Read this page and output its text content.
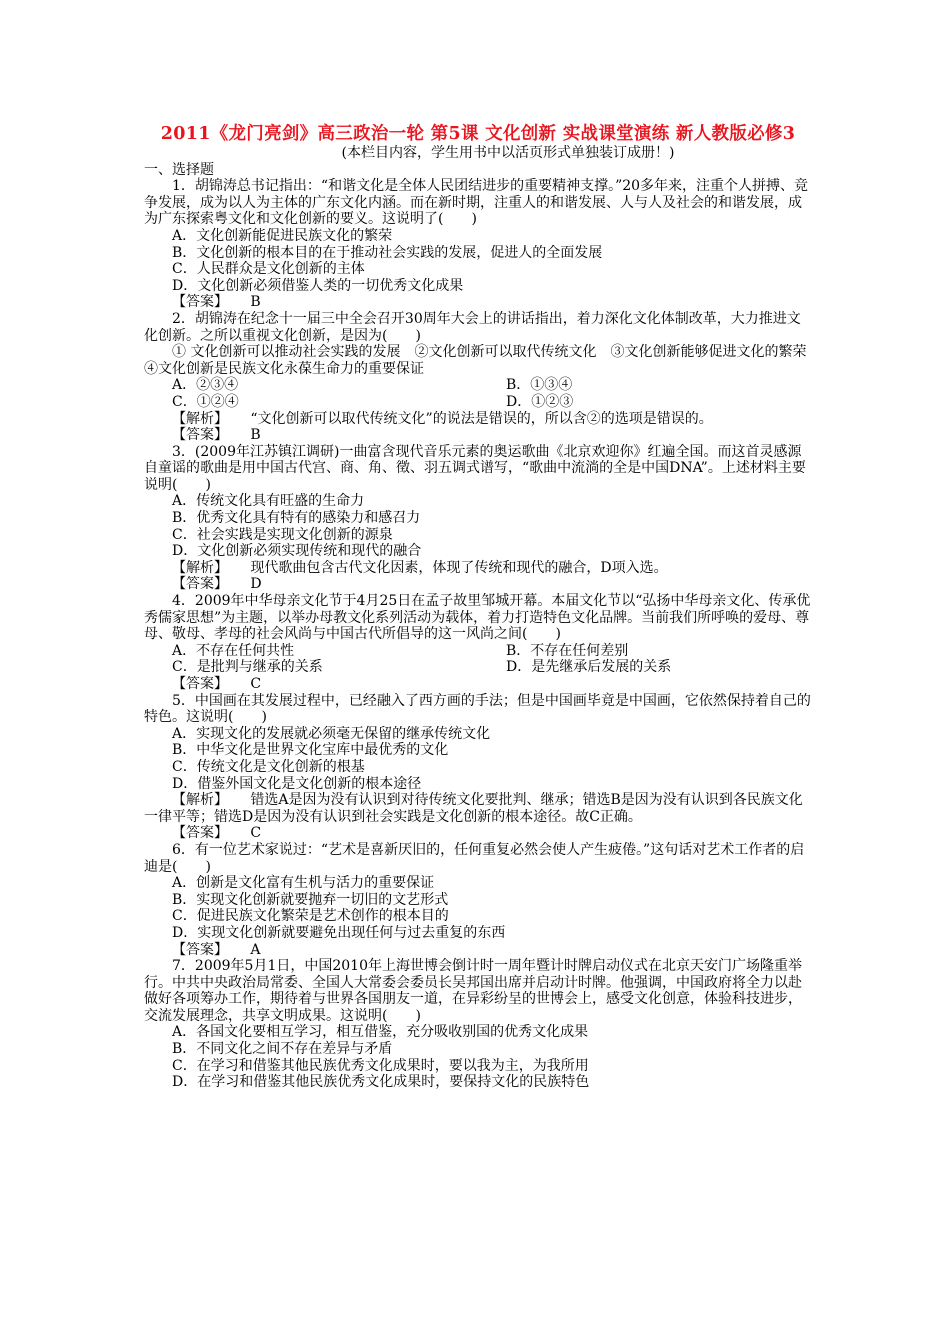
2011《龙门亮剑》高三政治一轮 第5课 文化创新 实战课堂演练 新人教版必修3

(本栏目内容，学生用书中以活页形式单独装订成册！)

一、选择题

1．胡锦涛总书记指出：“和谐文化是全体人民团结进步的重要精神支撑。”20多年来，注重个人拼搏、竞争发展，成为以人为主体的广东文化内涵。而在新时期，注重人的和谐发展、人与人及社会的和谐发展，成为广东探索粤文化和文化创新的要义。这说明了(　　)

A．文化创新能促进民族文化的繁荣

B．文化创新的根本目的在于推动社会实践的发展，促进人的全面发展

C．人民群众是文化创新的主体

D．文化创新必须借鉴人类的一切优秀文化成果

【答案】 B

2．胡锦涛在纪念十一届三中全会召开30周年大会上的讲话指出，着力深化文化体制改革，大力推进文化创新。之所以重视文化创新，是因为(　　)

① 文化创新可以推动社会实践的发展　②文化创新可以取代传统文化　③文化创新能够促进文化的繁荣　④文化创新是民族文化永葆生命力的重要保证

A．②③④	B．①③④

C．①②④	D．①②③

【解析】 “文化创新可以取代传统文化”的说法是错误的，所以含②的选项是错误的。

【答案】 B

3．(2009年江苏镇江调研)一曲富含现代音乐元素的奥运歌曲《北京欢迎你》红遍全国。而这首灵感源自童谣的歌曲是用中国古代宫、商、角、徵、羽五调式谱写，“歌曲中流淌的全是中国DNA”。上述材料主要说明(　　)

A．传统文化具有旺盛的生命力

B．优秀文化具有特有的感染力和感召力

C．社会实践是实现文化创新的源泉

D．文化创新必须实现传统和现代的融合

【解析】 现代歌曲包含古代文化因素，体现了传统和现代的融合，D项入选。

【答案】 D

4．2009年中华母亲文化节于4月25日在孟子故里邹城开幕。本届文化节以“弘扬中华母亲文化、传承优秀儒家思想”为主题，以举办母教文化系列活动为载体，着力打造特色文化品牌。当前我们所呼唤的爱母、尊母、敬母、孝母的社会风尚与中国古代所倡导的这一风尚之间(　　)

A．不存在任何共性	B．不存在任何差别

C．是批判与继承的关系	D．是先继承后发展的关系

【答案】 C

5．中国画在其发展过程中，已经融入了西方画的手法；但是中国画毕竟是中国画，它依然保持着自己的特色。这说明(　　)

A．实现文化的发展就必须毫无保留的继承传统文化

B．中华文化是世界文化宝库中最优秀的文化

C．传统文化是文化创新的根基

D．借鉴外国文化是文化创新的根本途径

【解析】 错选A是因为没有认识到对待传统文化要批判、继承；错选B是因为没有认识到各民族文化一律平等；错选D是因为没有认识到社会实践是文化创新的根本途径。故C正确。

【答案】 C

6．有一位艺术家说过：“艺术是喜新厌旧的，任何重复必然会使人产生疲倦。”这句话对艺术工作者的启迪是(　　)

A．创新是文化富有生机与活力的重要保证

B．实现文化创新就要抛弃一切旧的文艺形式

C．促进民族文化繁荣是艺术创作的根本目的

D．实现文化创新就要避免出现任何与过去重复的东西

【答案】 A

7．2009年5月1日，中国2010年上海世博会倒计时一周年暨计时牌启动仪式在北京天安门广场隆重举行。中共中央政治局常委、全国人大常委会委员长吴邦国出席并启动计时牌。他强调，中国政府将全力以赴做好各项筹办工作，期待着与世界各国朋友一道，在异彩纷呈的世博会上，感受文化创意，体验科技进步，交流发展理念，共享文明成果。这说明(　　)

A．各国文化要相互学习，相互借鉴，充分吸收别国的优秀文化成果

B．不同文化之间不存在差异与矛盾

C．在学习和借鉴其他民族优秀文化成果时，要以我为主，为我所用

D．在学习和借鉴其他民族优秀文化成果时，要保持文化的民族特色
